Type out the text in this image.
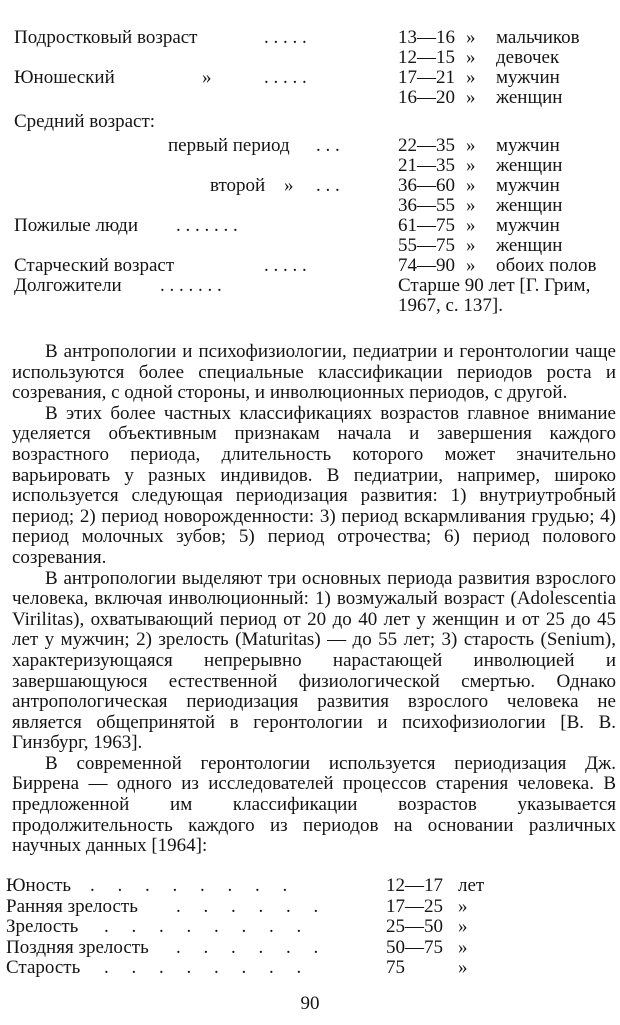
Подростковый возраст	. . . . .	13—16 » мальчиков
12—15 » девочек
Юношеский	»	. . . . .	17—21 » мужчин
16—20 » женщин
Средний возраст:
первый период . . .	22—35 » мужчин
21—35 » женщин
второй » . . .	36—60 » мужчин
36—55 » женщин
Пожилые люди . . . . . . .	61—75 » мужчин
55—75 » женщин
Старческий возраст	. . . . .	74—90 » обоих полов
Долгожители . . . . . . .	Старше 90 лет [Г. Грим,
1967, с. 137].

В антропологии и психофизиологии, педиатрии и геронтологии чаще используются более специальные классификации периодов роста и созревания, с одной стороны, и инволюционных периодов, с другой.

В этих более частных классификациях возрастов главное внимание уделяется объективным признакам начала и завершения каждого возрастного периода, длительность которого может значительно варьировать у разных индивидов. В педиатрии, например, широко используется следующая периодизация развития: 1) внутриутробный период; 2) период новорожденности: 3) период вскармливания грудью; 4) период молочных зубов; 5) период отрочества; 6) период полового созревания.

В антропологии выделяют три основных периода развития взрослого человека, включая инволюционный: 1) возмужалый возраст (Adolescentia Virilitas), охватывающий период от 20 до 40 лет у женщин и от 25 до 45 лет у мужчин; 2) зрелость (Maturitas) — до 55 лет; 3) старость (Senium), характеризующаяся непрерывно нарастающей инволюцией и завершающуюся естественной физиологической смертью. Однако антропологическая периодизация развития взрослого человека не является общепринятой в геронтологии и психофизиологии [В. В. Гинзбург, 1963].

В современной геронтологии используется периодизация Дж. Биррена — одного из исследователей процессов старения человека. В предложенной им классификации возрастов указывается продолжительность каждого из периодов на основании различных научных данных [1964]:

Юность . . . . . . . .	12—17 лет
Ранняя зрелость . . . . . .	17—25 »
Зрелость . . . . . . . .	25—50 »
Поздняя зрелость . . . . . .	50—75 »
Старость . . . . . . . .	75	»
90
